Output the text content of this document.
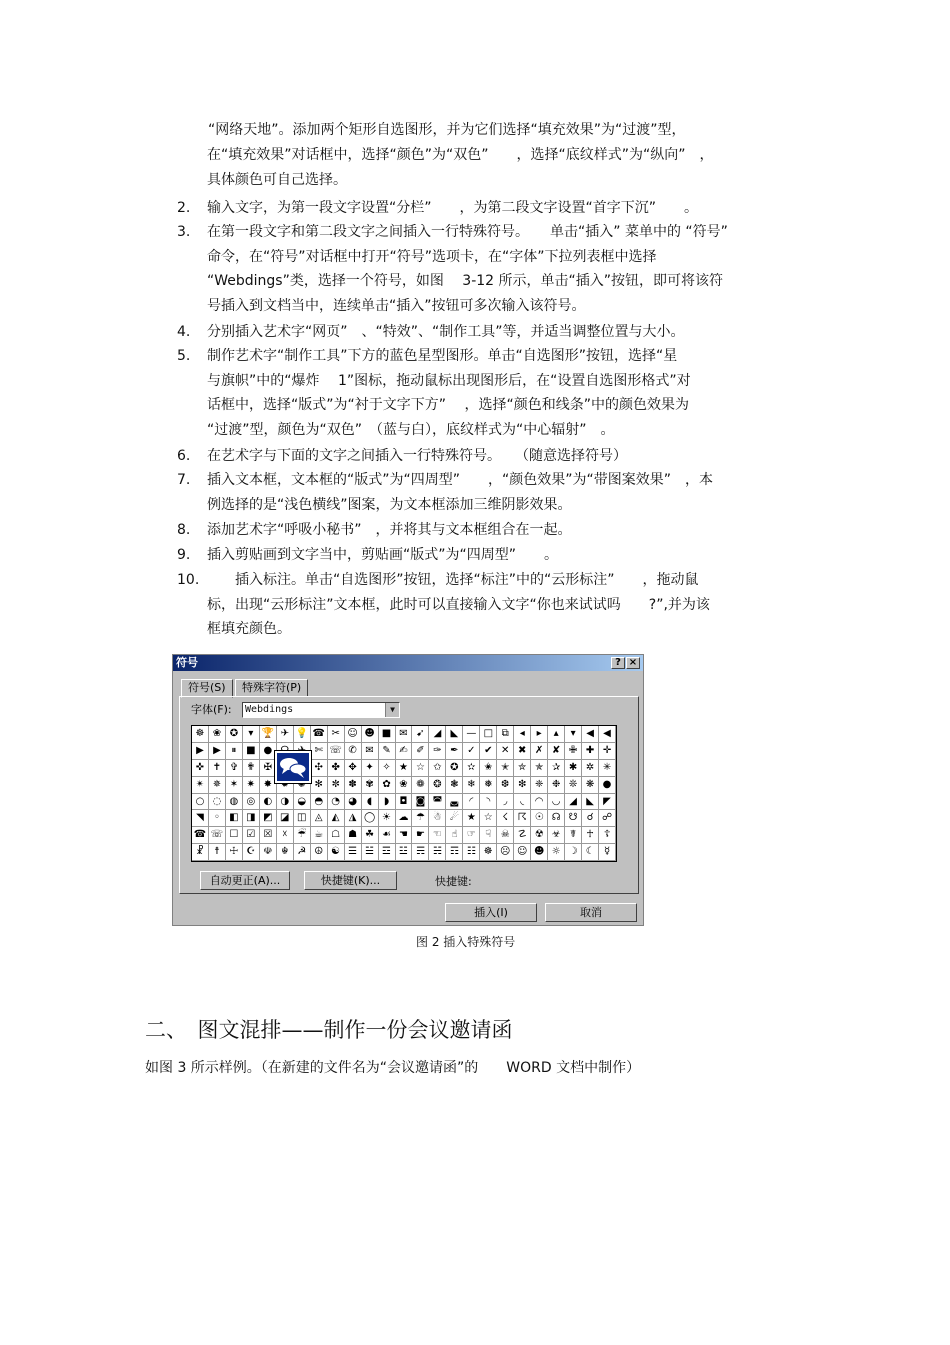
“网络天地”。添加两个矩形自选图形，并为它们选择“填充效果”为“过渡”型，
在“填充效果”对话框中，选择“颜色”为“双色”　　，选择“底纹样式”为“纵向”　，
具体颜色可自己选择。
2. 输入文字，为第一段文字设置“分栏”　　，为第二段文字设置“首字下沉”　　。
3. 在第一段文字和第二段文字之间插入一行特殊符号。　　单击“插入” 菜单中的 “符号”
命令，在“符号”对话框中打开“符号”选项卡，在“字体”下拉列表框中选择
“Webdings”类，选择一个符号，如图　 3-12 所示，单击“插入”按钮，即可将该符
号插入到文档当中，连续单击“插入”按钮可多次输入该符号。
4. 分别插入艺术字“网页”　、“特效”、“制作工具”等，并适当调整位置与大小。
5. 制作艺术字“制作工具”下方的蓝色星型图形。单击“自选图形”按钮，选择“星
与旗帜”中的“爆炸　 1”图标，拖动鼠标出现图形后，在“设置自选图形格式”对
话框中，选择“版式”为“衬于文字下方”　 ，选择“颜色和线条”中的颜色效果为
“过渡”型，颜色为“双色”　（蓝与白），底纹样式为“中心辐射”　。
6. 在艺术字与下面的文字之间插入一行特殊符号。　　（随意选择符号）
7. 插入文本框，文本框的“版式”为“四周型”　　，“颜色效果”为“带图案效果”　，本
例选择的是“浅色横线”图案，为文本框添加三维阴影效果。
8. 添加艺术字“呼吸小秘书”　，并将其与文本框组合在一起。
9. 插入剪贴画到文字当中，剪贴画“版式”为“四周型”　　。
10. 　　插入标注。单击“自选图形”按钮，选择“标注”中的“云形标注”　　，拖动鼠
标，出现“云形标注”文本框，此时可以直接输入文字“你也来试试吗　　?”,并为该
框填充颜色。
符号	? ×
符号(S)	特殊字符(P)
字体(F):	Webdings	▼
☸ ❀ ✪	▾ 🏆 ✈ 💡 ☎ ✂ ☺ ☻ ■ ✉ ➹ ◢ ◣ — □ ⧉	◂	▸	▴	▾	◀ ◀
▶ ▶	⏸ ■ ●	✄ ☏ ✆ ✉ ✎ ✍ ✐ ✑ ✒ ✓ ✔ ✕ ✖ ✗ ✘ ✙ ✚ ✛
✜ ✝ ✞ ✟ ✠	✣ ✤ ✥ ✦ ✧ ★ ☆ ✩ ✪ ✫ ✬ ✭ ✮ ✯ ✰ ✱ ✲ ✳
✴ ✵ ✶ ✷ ✸	✻ ✼ ✽ ✾ ✿ ❀ ❁ ❂ ❃ ❄ ❅ ❆ ❇ ❈ ❉ ❊ ❋ ●
○ ◌ ◍ ◎ ◐ ◑ ◒ ◓ ◔ ◕ ◖	◗	◘ ◙ ◚ ◛	◜	◝	◞	◟	◠ ◡ ◢ ◣ ◤
◥	◦ ◧ ◨ ◩ ◪ ◫ ◬ ◭ ◮ ◯ ☀ ☁ ☂ ☃ ☄ ★ ☆ ☇ ☈ ☉ ☊ ☋ ☌ ☍
☎ ☏ ☐ ☑ ☒ ☓ ☔ ☕ ☖ ☗ ☘ ☙ ☚ ☛ ☜ ☝ ☞ ☟ ☠ ☡ ☢ ☣ ☤ ☥ ☦
☧	☨ ☩ ☪ ☫ ☬ ☭ ☮ ☯ ☰ ☱ ☲ ☳ ☴ ☵ ☶ ☷ ☸ ☹ ☺ ☻ ☼ ☽ ☾ ☿
自动更正(A)...	快捷键(K)...	快捷键:
插入(I)	取消
图 2 插入特殊符号
二、　图文混排——制作一份会议邀请函
如图 3 所示样例。（在新建的文件名为“会议邀请函”的　　WORD 文档中制作）
